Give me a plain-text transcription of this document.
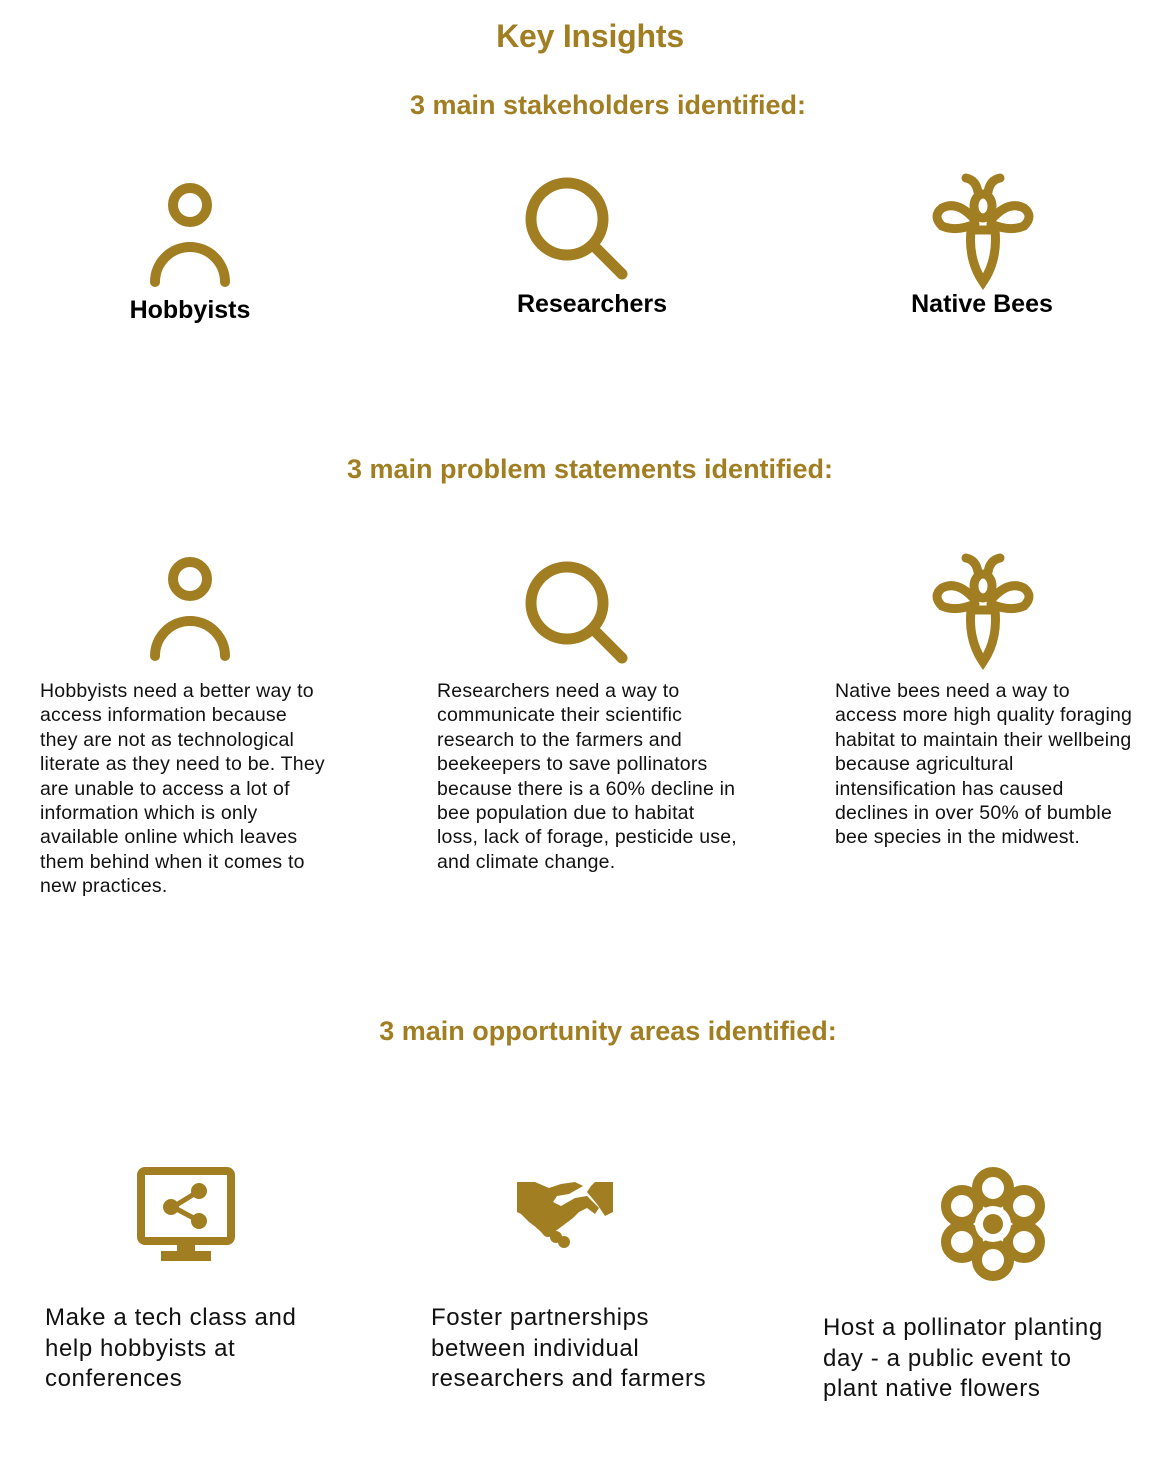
Key Insights
3 main stakeholders identified:
Hobbyists	Researchers	Native Bees
3 main problem statements identified:
Hobbyists need a better way to access information because they are not as technological literate as they need to be. They are unable to access a lot of information which is only available online which leaves them behind when it comes to new practices.
Researchers need a way to communicate their scientific research to the farmers and beekeepers to save pollinators because there is a 60% decline in bee population due to habitat loss, lack of forage, pesticide use, and climate change.
Native bees need a way to access more high quality foraging habitat to maintain their wellbeing because agricultural intensification has caused declines in over 50% of bumble bee species in the midwest.
3 main opportunity areas identified:
Make a tech class and help hobbyists at conferences
Foster partnerships between individual researchers and farmers
Host a pollinator planting day - a public event to plant native flowers
